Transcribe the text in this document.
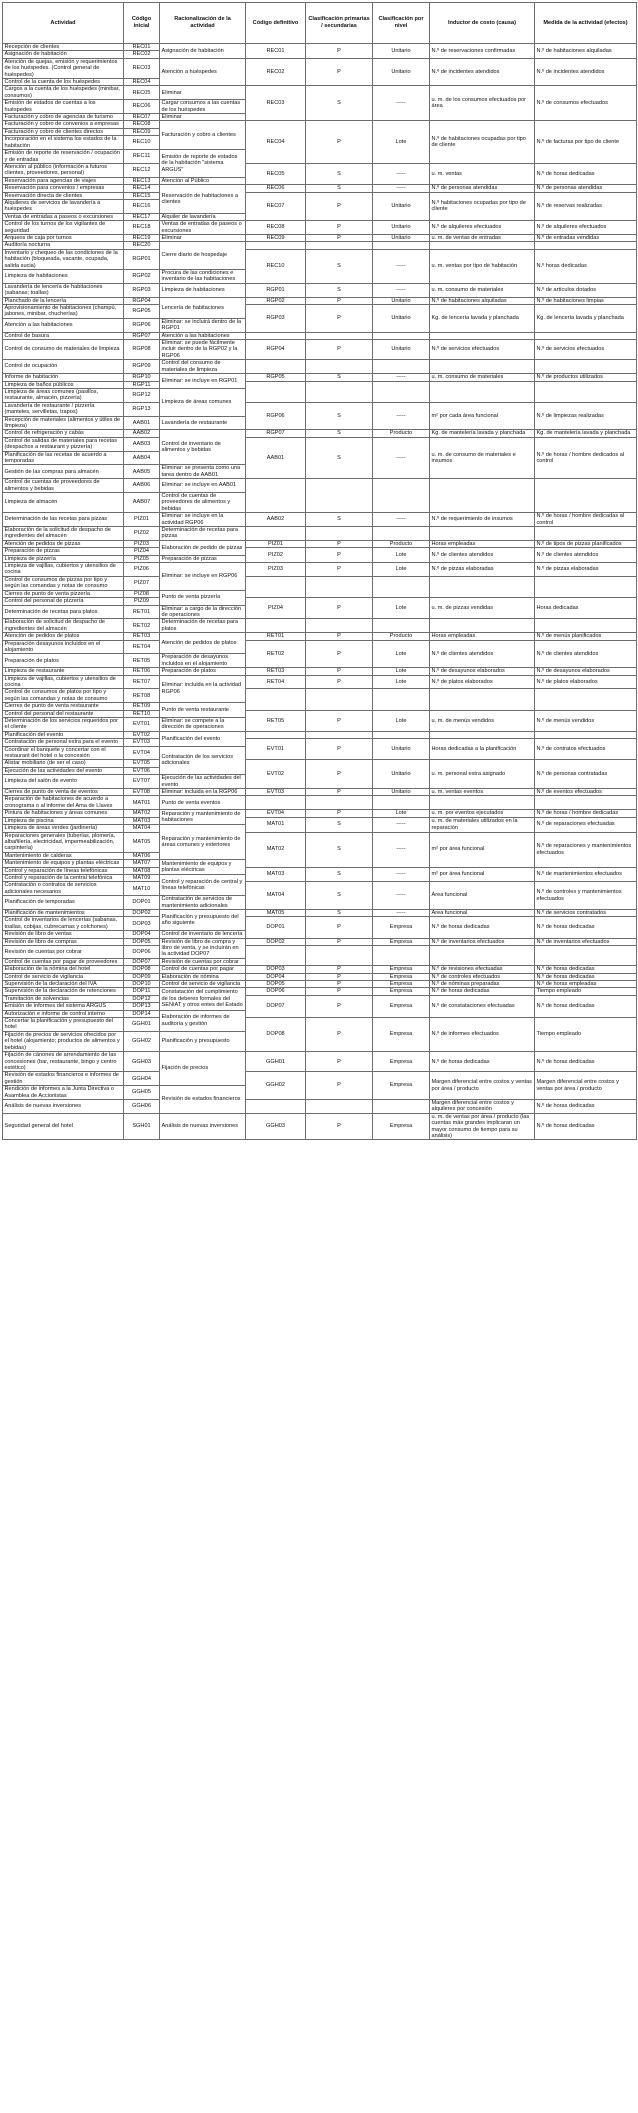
Actividad	Código inicial	Racionalización de la actividad	Código definitivo	Clasificación primarias / secundarias	Clasificación por nivel	Inductor de costo (causa)	Medida de la actividad (efectos)
Recepción de clientes	REC01	Asignación de habitación	REC01	P	Unitario	N.º de reservaciones confirmadas	N.º de habitaciones alquiladas
Asignación de habitación	REC02						
Atención de quejas, emisión y requerimientos de los huéspedes. (Control general de huéspedes)	REC03	Atención a huéspedes	REC02	P	Unitario	N.º de incidentes atendidos	N.º de incidentes atendidos
Control de la cuenta de los huéspedes	REC04						
Cargos a la cuenta de los huéspedes (minibar, consumos)	REC05	Eliminar	REC03	S	-----	u. m. de los consumos efectuados por área	N.º de consumos efectuados
Emisión de estados de cuentas a los huéspedes	REC06	Cargar consumos a las cuentas de los huéspedes					
Facturación y cobro de agencias de turismo	REC07	Eliminar					
Facturación y cobro de convenios a empresas	REC08	Facturación y cobro a clientes	REC04	P	Lote	N.º de habitaciones ocupadas por tipo de cliente	N.º de facturas por tipo de cliente
Facturación y cobro de clientes directos	REC09						
Incorporación en el sistema los estados de la habitación	REC10						
Emisión de reporte de reservación / ocupación y de entradas	REC11	Emisión de reporte de estados de la habitación "sistema ARGUS"					
Atención al público (información a futuros clientes, proveedores, personal)	REC12		REC05	S	-----	u. m. ventas	N.º de horas dedicadas
Reservación para agencias de viajes	REC13	Atención al Público					
Reservación para convenios / empresas	REC14	Reservación de habitaciones a clientes	REC06	S	-----	N.º de personas atendidas	N.º de personas atendidas
Reservación directa de clientes	REC15		REC07	P	Unitario	N.º habitaciones ocupadas por tipo de cliente	N.º de reservas realizadas
Alquileres de servicios de lavandería a huéspedes	REC16						
Ventas de entradas a paseos o excursiones	REC17	Alquiler de lavandería					
Control de los turnos de los vigilantes de seguridad	REC18	Ventas de entradas de paseos o excursiones	REC08	P	Unitario	N.º de alquileres efectuados	N.º de alquileres efectuados
Arqueos de caja por turnos	REC19	Eliminar	REC09	P	Unitario	u. m. de ventas de entradas	N.º de entradas vendidas
Auditoría nocturna	REC20	Cierre diario de hospedaje					
Inventario y chequeo de las condiciones de la habitación (bloqueada, vacante, ocupada, salida sucia)	RGP01		REC10	S	-----	u. m. ventas por tipo de habitación	N.º horas dedicadas
Limpieza de habitaciones	RGP02	Procura de las condiciones e inventario de las habitaciones					
Lavandería de lencería de habitaciones (sabanas; toallas)	RGP03	Limpieza de habitaciones	RGP01	S	-----	u. m. consumo de materiales	N.º de artículos dotados
Planchado de la lencería	RGP04	Lencería de habitaciones	RGP02	P	Unitario	N.º de habitaciones alquiladas	N.º de habitaciones limpias
Aprovisionamiento de habitaciones (champú, jabones, minibar, chucherías)	RGP05		RGP03	P	Unitario	Kg. de lencería lavada y planchada	Kg. de lencería lavada y planchada
Atención a las habitaciones	RGP06	Eliminar: se incluirá dentro de la RGP01					
Control de basura	RGP07	Atención a las habitaciones					
Control de consumo de materiales de limpieza	RGP08	Eliminar: se puede fácilmente incluir dentro de la RGP02 y la RGP06	RGP04	P	Unitario	N.º de servicios efectuados	N.º de servicios efectuados
Control de ocupación	RGP09	Control del consumo de materiales de limpieza					
Informe de habitación	RGP10	Eliminar: se incluye en RGP01	RGP05	S	-----	u. m. consumo de materiales	N.º de productos utilizados
Limpieza de baños públicos	RGP11						
Limpieza de áreas comunes (pasillos, restaurante, almacén, pizzería)	RGP12	Limpieza de áreas comunes					
Lavandería de restaurante / pizzería (manteles, servilletas, trapos)	RGP13		RGP06	S	-----	m² por cada área funcional	N.º de limpiezas realizadas
Recepción de materiales (alimentos y útiles de limpieza)	AAB01	Lavandería de restaurante					
Control de refrigeración y cabás	AAB02	Control de inventario de alimentos y bebidas	RGP07	S	Producto	Kg. de mantelería lavada y planchada	Kg. de mantelería lavada y planchada
Control de salidas de materiales para recetas (despachos a restaurant y pizzería)	AAB03		AAB01	S	-----	u. m. de consumo de materiales e insumos	N.º de horas / hombre dedicados al control
Planificación de las recetas de acuerdo a temporadas	AAB04						
Gestión de las compras para almacén	AAB05	Eliminar: se presenta como una tarea dentro de AAB01					
Control de cuentas de proveedores de alimentos y bebidas	AAB06	Eliminar: se incluye en AAB01					
Limpieza de almacén	AAB07	Control de cuentas de proveedores de alimentos y bebidas					
Determinación de las recetas para pizzas	PIZ01	Eliminar: se incluye en la actividad RGP06	AAB02	S	-----	N.º de requerimiento de insumos	N.º de horas / hombre dedicadas al control
Elaboración de la solicitud de despacho de ingredientes del almacén	PIZ02	Determinación de recetas para pizzas					
Atención de pedidos de pizzas	PIZ03	Elaboración de pedido de pizzas	PIZ01	P	Producto	Horas empleadas	N.º de tipos de pizzas planificados
Preparación de pizzas	PIZ04		PIZ02	P	Lote	N.º de clientes atendidos	N.º de clientes atendidos
Limpieza de pizzería	PIZ05	Preparación de pizzas					
Limpieza de vajillas, cubiertos y utensilios de cocina	PIZ06	Eliminar: se incluye en RGP06	PIZ03	P	Lote	N.º de pizzas elaboradas	N.º de pizzas elaboradas
Control de consumos de pizzas por tipo y según las comandas y notas de consumo	PIZ07						
Cierres de punto de venta pizzería	PIZ08	Punto de venta pizzería					
Control del personal de pizzería	PIZ09		PIZ04	P	Lote	u. m. de pizzas vendidas	Horas dedicadas
Determinación de recetas para platos	RET01	Eliminar: a cargo de la dirección de operaciones					
Elaboración de solicitud de despacho de ingredientes del almacén	RET02	Determinación de recetas para platos					
Atención de pedidos de platos	RET03	Atención de pedidos de platos	RET01	P	Producto	Horas empleadas	N.º de menús planificados
Preparación desayunos incluidos en el alojamiento	RET04		RET02	P	Lote	N.º de clientes atendidos	N.º de clientes atendidos
Preparación de platos	RET05	Preparación de desayunos incluidos en el alojamiento					
Limpieza de restaurante	RET06	Preparación de platos	RET03	P	Lote	N.º de desayunos elaborados	N.º de desayunos elaborados
Limpieza de vajillas, cubiertos y utensilios de cocina	RET07	Eliminar: incluida en la actividad RGP06	RET04	P	Lote	N.º de platos elaborados	N.º de platos elaborados
Control de consumos de platos por tipo y según las comandas y notas de consumo	RET08						
Cierres de punto de venta restaurante	RET09	Punto de venta restaurante					
Control del personal del restaurante	RET10		RET05	P	Lote	u. m. de menús vendidos	N.º de menús vendidos
Determinación de los servicios requeridos por el cliente	EVT01	Eliminar: se compete a la dirección de operaciones					
Planificación del evento	EVT02	Planificación del evento					
Contratación de personal extra para el evento	EVT03		EVT01	P	Unitario	Horas dedicadas a la planificación	N.º de contratos efectuados
Coordinar el banquete y concertar con el restaurant del hotel o la concesión	EVT04	Contratación de los servicios adicionales					
Alistar mobiliario (de ser el caso)	EVT05		EVT02	P	Unitario	u. m. personal extra asignado	N.º de personas contratadas
Ejecución de las actividades del evento	EVT06						
Limpieza del salón de evento	EVT07	Ejecución de las actividades del evento					
Cierres de punto de venta de eventos	EVT08	Eliminar: incluida en la RGP06	EVT03	P	Unitario	u. m. ventas eventos	N.º de eventos efectuados
Reparación de habitaciones de acuerdo a cronograma o al informe del Ama de Llaves	MAT01	Punto de venta eventos					
Pintura de habitaciones y áreas comunes	MAT02	Reparación y mantenimiento de habitaciones	EVT04	P	Lote	u. m. por eventos ejecutados	N.º de horas / hombre dedicadas
Limpieza de piscina	MAT03		MAT01	S	-----	u. m. de materiales utilizados en la reparación	N.º de reparaciones efectuadas
Limpieza de áreas verdes (jardinería)	MAT04	Reparación y mantenimiento de áreas comunes y exteriores					
Reparaciones generales (tuberías, plomería, albañilería, electricidad, impermeabilización, carpintería)	MAT05		MAT02	S	-----	m² por área funcional	N.º de reparaciones y mantenimientos efectuados
Mantenimiento de calderas	MAT06						
Mantenimiento de equipos y plantas eléctricas	MAT07	Mantenimiento de equipos y plantas eléctricas					
Control y reparación de líneas telefónicas	MAT08		MAT03	S	-----	m² por área funcional	N.º de mantenimientos efectuados
Control y reparación de la central telefónica	MAT09	Control y reparación de central y líneas telefónicas					
Contratación o contratos de servicios adicionales necesarios	MAT10		MAT04	S	-----	Área funcional	N.º de controles y mantenimientos efectuados
Planificación de temporadas	DOP01	Contratación de servicios de mantenimiento adicionales					
Planificación de mantenimientos	DOP02	Planificación y presupuesto del año siguiente	MAT05	S	-----	Área funcional	N.º de servicios contratados
Control de inventarios de lencerías (sabanas, toallas, cobijas, cubrecamas y colchones)	DOP03		DOP01	P	Empresa	N.º de horas dedicadas	N.º de horas dedicadas
Revisión de libro de ventas	DOP04	Control de inventario de lencería					
Revisión de libro de compras	DOP05	Revisión de libro de compra y libro de venta, y se incluirán en la actividad DOP07	DOP02	P	Empresa	N.º de inventarios efectuados	N.º de inventarios efectuados
Revisión de cuentas por cobrar	DOP06						
Control de cuentas por pagar de proveedores	DOP07	Revisión de cuentas por cobrar					
Elaboración de la nómina del hotel	DOP08	Control de cuentas por pagar	DOP03	P	Empresa	N.º de revisiones efectuadas	N.º de horas dedicadas
Control de servicio de vigilancia	DOP09	Elaboración de nómina	DOP04	P	Empresa	N.º de controles efectuados	N.º de horas dedicadas
Supervisión de la declaración del IVA	DOP10	Control de servicio de vigilancia	DOP05	P	Empresa	N.º de nóminas preparadas	N.º de horas empleadas
Supervisión de la declaración de retenciones	DOP11	Constatación del cumplimiento de los deberes formales del SENIAT y otros entes del Estado	DOP06	P	Empresa	N.º de horas dedicadas	Tiempo empleado
Tramitación de solvencias	DOP12		DOP07	P	Empresa	N.º de constataciones efectuadas	N.º de horas dedicadas
Emisión de informes del sistema ARGUS	DOP13						
Autorización e informe de control interno	DOP14	Elaboración de informes de auditoría y gestión					
Concertar la planificación y presupuesto del hotel	GGH01		DOP08	P	Empresa	N.º de informes efectuados	Tiempo empleado
Fijación de precios de servicios ofrecidos por el hotel (alojamiento; productos de alimentos y bebidas)	GGH02	Planificación y presupuesto					
Fijación de cánones de arrendamiento de las concesiones (bar, restaurante, bingo y centro estético)	GGH03	Fijación de precios	GGH01	P	Empresa	N.º de horas dedicadas	N.º de horas dedicadas
Revisión de estados financieros e informes de gestión	GGH04		GGH02	P	Empresa	Margen diferencial entre costos y ventas por área / producto	Margen diferencial entre costos y ventas por área / producto
Rendición de informes a la Junta Directiva o Asamblea de Accionistas	GGH05	Revisión de estados financieros					
Análisis de nuevas inversiones	GGH06					Margen diferencial entre costos y alquileres por concesión	N.º de horas dedicadas
Seguridad general del hotel	SGH01	Análisis de nuevas inversiones	GGH03	P	Empresa	u. m. de ventas por área / producto (las cuentas más grandes implicaran un mayor consumo de tiempo para su análisis)	N.º de horas dedicadas
